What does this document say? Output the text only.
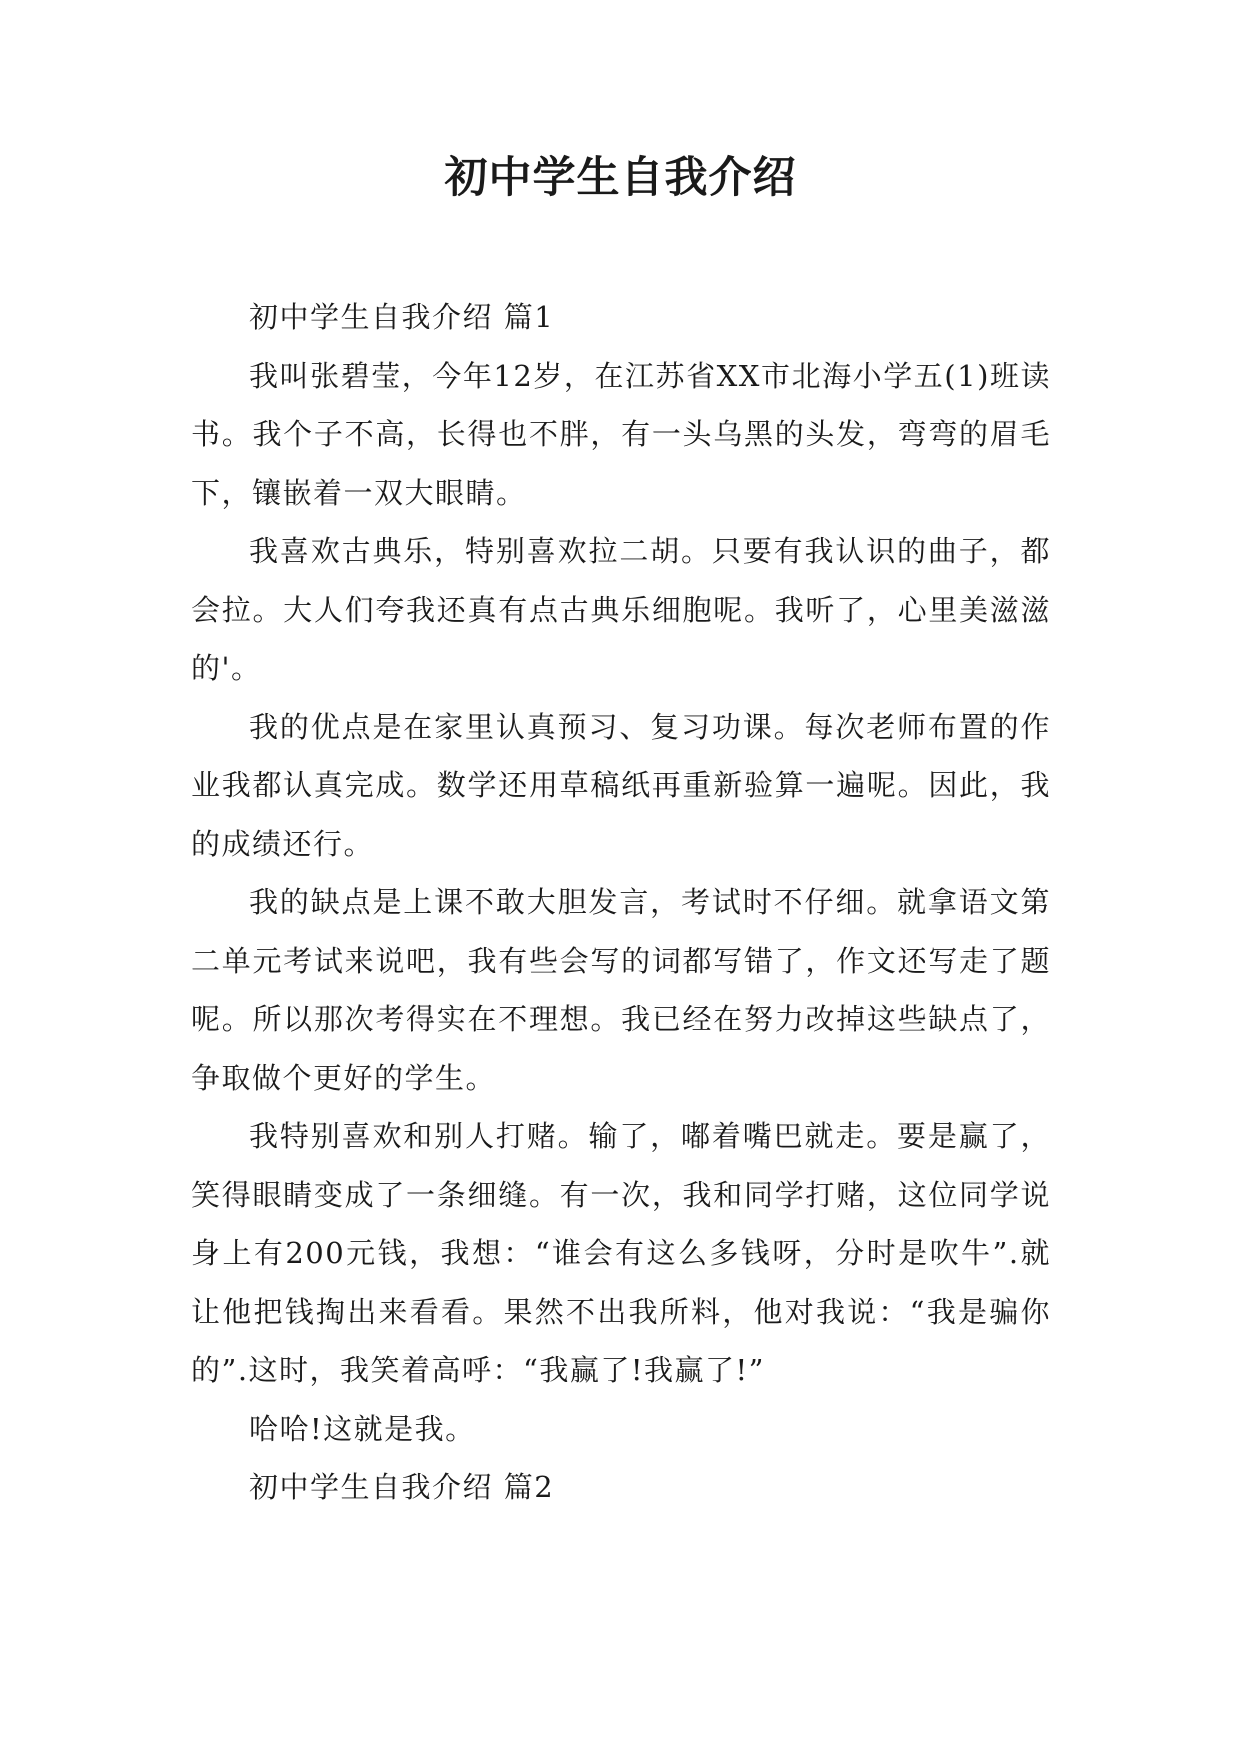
初中学生自我介绍

初中学生自我介绍 篇1

我叫张碧莹，今年12岁，在江苏省XX市北海小学五(1)班读书。我个子不高，长得也不胖，有一头乌黑的头发，弯弯的眉毛下，镶嵌着一双大眼睛。

我喜欢古典乐，特别喜欢拉二胡。只要有我认识的曲子，都会拉。大人们夸我还真有点古典乐细胞呢。我听了，心里美滋滋的'。

我的优点是在家里认真预习、复习功课。每次老师布置的作业我都认真完成。数学还用草稿纸再重新验算一遍呢。因此，我的成绩还行。

我的缺点是上课不敢大胆发言，考试时不仔细。就拿语文第二单元考试来说吧，我有些会写的词都写错了，作文还写走了题呢。所以那次考得实在不理想。我已经在努力改掉这些缺点了，争取做个更好的学生。

我特别喜欢和别人打赌。输了，嘟着嘴巴就走。要是赢了，笑得眼睛变成了一条细缝。有一次，我和同学打赌，这位同学说身上有200元钱，我想：“谁会有这么多钱呀，分时是吹牛”.就让他把钱掏出来看看。果然不出我所料，他对我说：“我是骗你的”.这时，我笑着高呼：“我赢了!我赢了!”

哈哈!这就是我。

初中学生自我介绍 篇2
